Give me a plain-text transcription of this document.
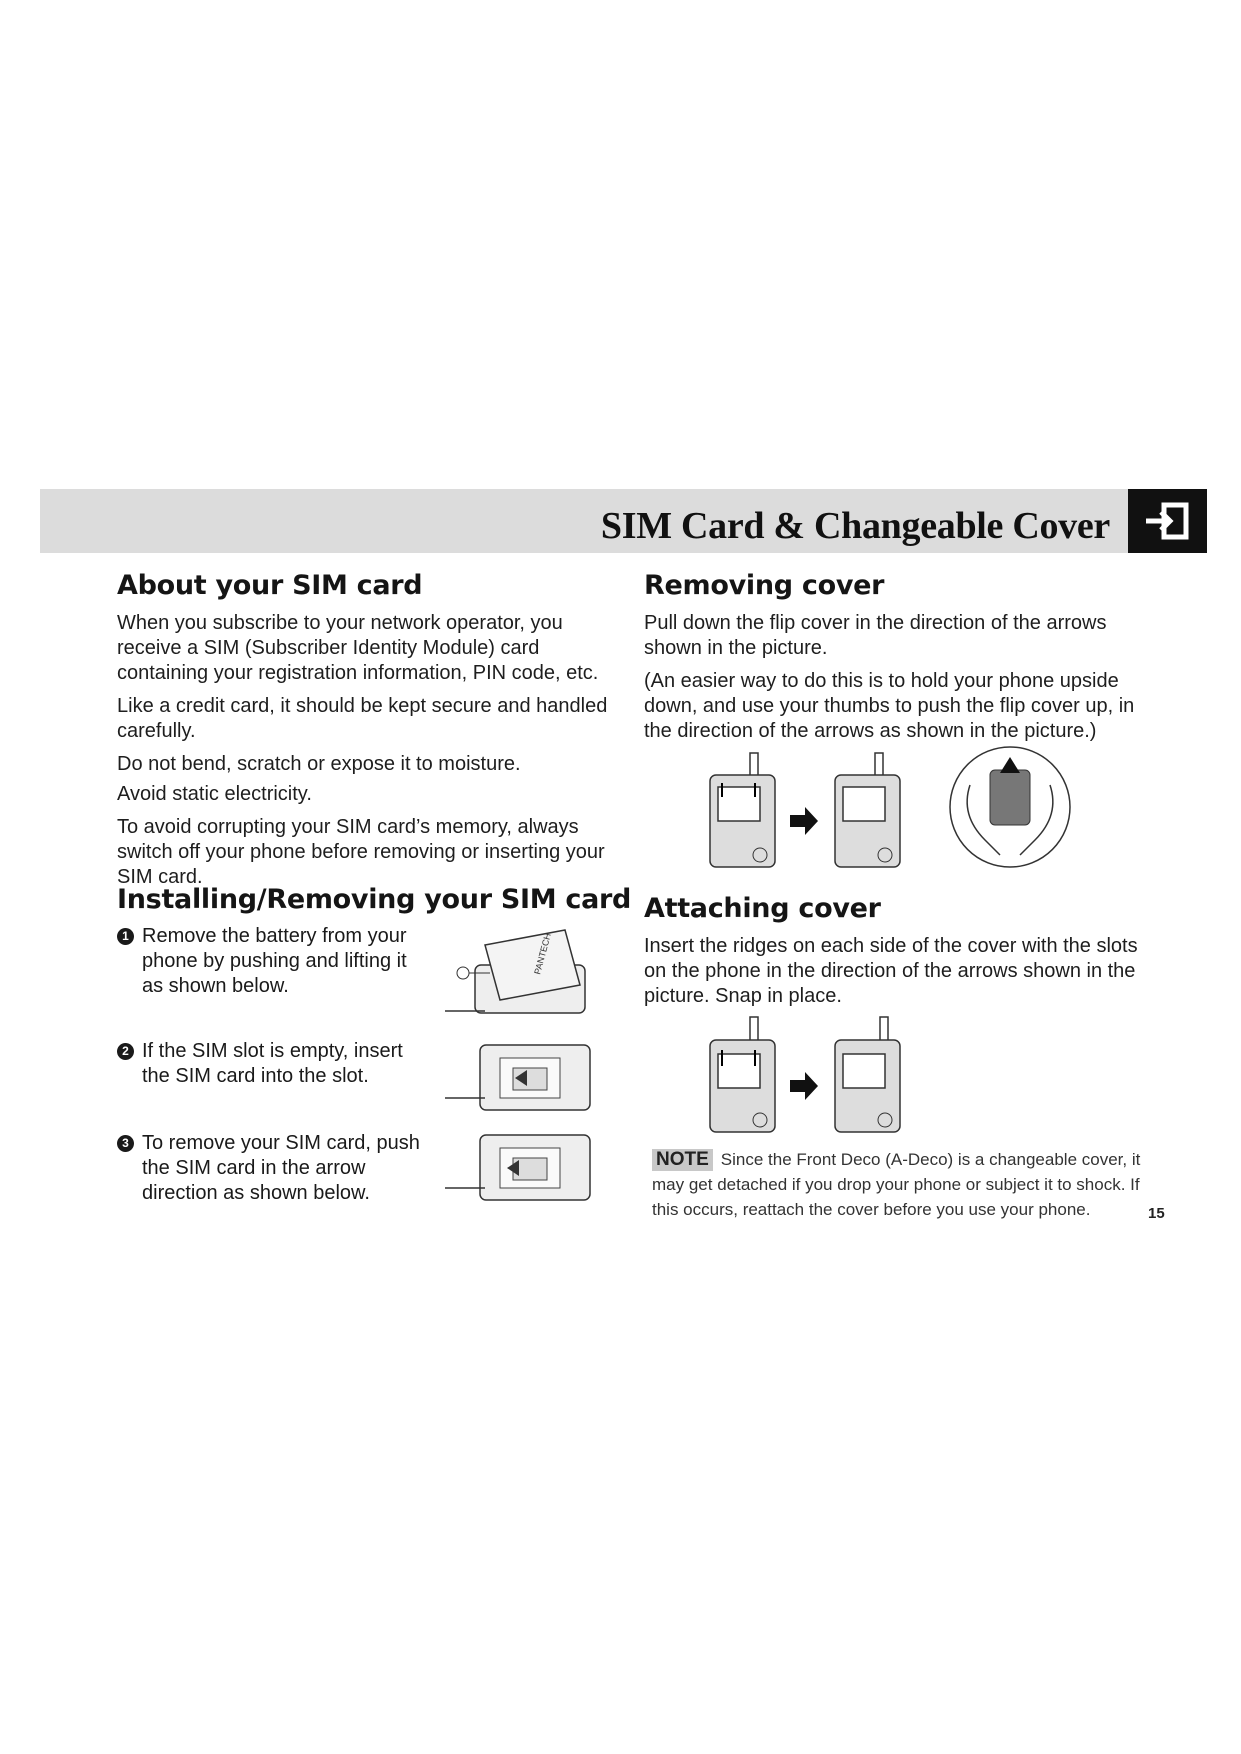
SIM Card & Changeable Cover
About your SIM card

When you subscribe to your network operator, you receive a SIM (Subscriber Identity Module) card containing your registration information, PIN code, etc.

Like a credit card, it should be kept secure and handled carefully.

Do not bend, scratch or expose it to moisture.

Avoid static electricity.

To avoid corrupting your SIM card’s memory, always switch off your phone before removing or inserting your SIM card.

Installing/Removing your SIM card
1 Remove the battery from your phone by pushing and lifting it as shown below.
2 If the SIM slot is empty, insert the SIM card into the slot.
3 To remove your SIM card, push the SIM card in the arrow direction as shown below.
PANTECH
Removing cover

Pull down the flip cover in the direction of the arrows shown in the picture.

(An easier way to do this is to hold your phone upside down, and use your thumbs to push the flip cover up, in the direction of the arrows as shown in the picture.)

Attaching cover

Insert the ridges on each side of the cover with the slots on the phone in the direction of the arrows shown in the picture. Snap in place.

NOTE Since the Front Deco (A-Deco) is a changeable cover, it may get detached if you drop your phone or subject it to shock. If this occurs, reattach the cover before you use your phone.	15
